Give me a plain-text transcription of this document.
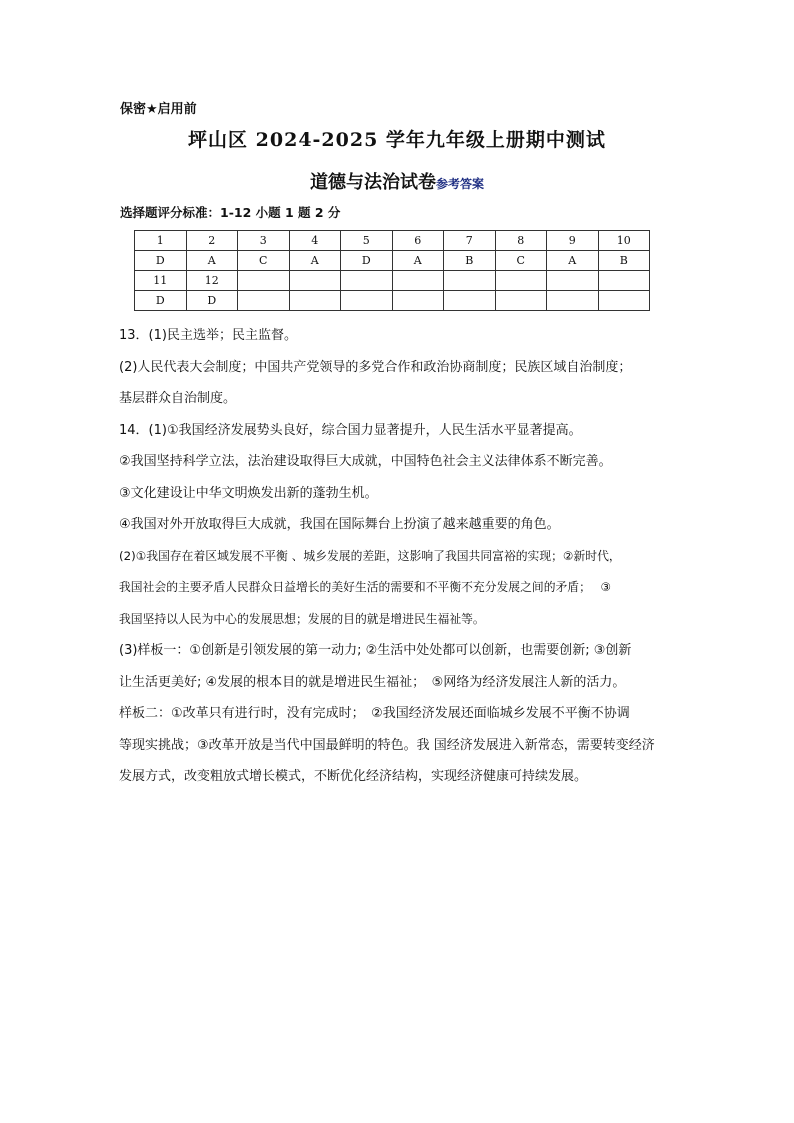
保密★启用前
坪山区 2024-2025 学年九年级上册期中测试
道德与法治试卷参考答案
选择题评分标准：1-12 小题 1 题 2 分
1	2	3	4	5	6	7	8	9	10
D	A	C	A	D	A	B	C	A	B
11	12								
D	D								

13．(1)民主选举；民主监督。

(2)人民代表大会制度；中国共产党领导的多党合作和政治协商制度；民族区域自治制度；

基层群众自治制度。

14．(1)①我国经济发展势头良好，综合国力显著提升，人民生活水平显著提高。

②我国坚持科学立法，法治建设取得巨大成就，中国特色社会主义法律体系不断完善。

③文化建设让中华文明焕发出新的蓬勃生机。

④我国对外开放取得巨大成就，我国在国际舞台上扮演了越来越重要的角色。

(2)①我国存在着区域发展不平衡 、城乡发展的差距，这影响了我国共同富裕的实现；②新时代，

我国社会的主要矛盾人民群众日益增长的美好生活的需要和不平衡不充分发展之间的矛盾；　 ③

我国坚持以人民为中心的发展思想；发展的目的就是增进民生福祉等。

(3)样板一：①创新是引领发展的第一动力; ②生活中处处都可以创新，也需要创新; ③创新

让生活更美好; ④发展的根本目的就是增进民生福祉；　⑤网络为经济发展注人新的活力。

样板二：①改革只有进行时，没有完成时；　②我国经济发展还面临城乡发展不平衡不协调

等现实挑战；③改革开放是当代中国最鲜明的特色。我 国经济发展进入新常态，需要转变经济

发展方式，改变粗放式增长模式，不断优化经济结构，实现经济健康可持续发展。
